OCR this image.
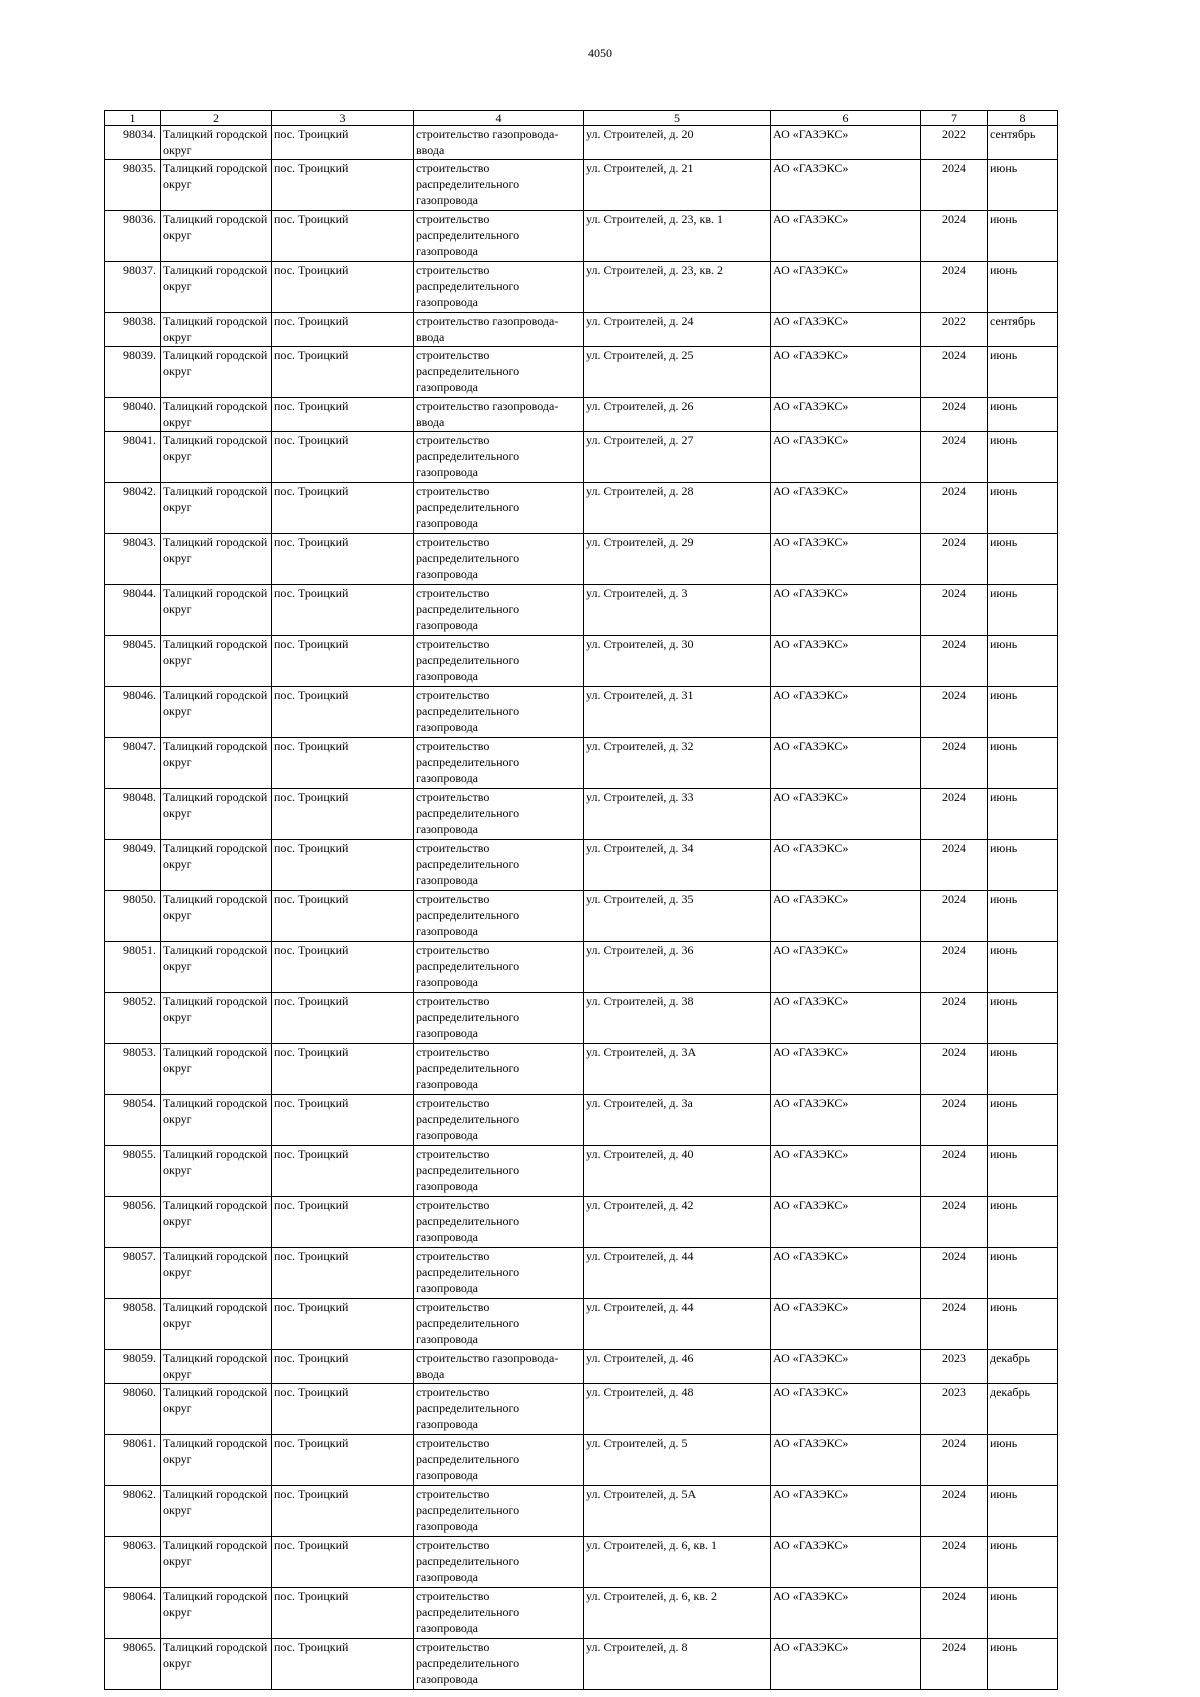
4050
1	2	3	4	5	6	7	8
98034.	Талицкий городской округ	пос. Троицкий	строительство газопровода-ввода	ул. Строителей, д. 20	АО «ГАЗЭКС»	2022	сентябрь
98035.	Талицкий городской округ	пос. Троицкий	строительство распределительного газопровода	ул. Строителей, д. 21	АО «ГАЗЭКС»	2024	июнь
98036.	Талицкий городской округ	пос. Троицкий	строительство распределительного газопровода	ул. Строителей, д. 23, кв. 1	АО «ГАЗЭКС»	2024	июнь
98037.	Талицкий городской округ	пос. Троицкий	строительство распределительного газопровода	ул. Строителей, д. 23, кв. 2	АО «ГАЗЭКС»	2024	июнь
98038.	Талицкий городской округ	пос. Троицкий	строительство газопровода-ввода	ул. Строителей, д. 24	АО «ГАЗЭКС»	2022	сентябрь
98039.	Талицкий городской округ	пос. Троицкий	строительство распределительного газопровода	ул. Строителей, д. 25	АО «ГАЗЭКС»	2024	июнь
98040.	Талицкий городской округ	пос. Троицкий	строительство газопровода-ввода	ул. Строителей, д. 26	АО «ГАЗЭКС»	2024	июнь
98041.	Талицкий городской округ	пос. Троицкий	строительство распределительного газопровода	ул. Строителей, д. 27	АО «ГАЗЭКС»	2024	июнь
98042.	Талицкий городской округ	пос. Троицкий	строительство распределительного газопровода	ул. Строителей, д. 28	АО «ГАЗЭКС»	2024	июнь
98043.	Талицкий городской округ	пос. Троицкий	строительство распределительного газопровода	ул. Строителей, д. 29	АО «ГАЗЭКС»	2024	июнь
98044.	Талицкий городской округ	пос. Троицкий	строительство распределительного газопровода	ул. Строителей, д. 3	АО «ГАЗЭКС»	2024	июнь
98045.	Талицкий городской округ	пос. Троицкий	строительство распределительного газопровода	ул. Строителей, д. 30	АО «ГАЗЭКС»	2024	июнь
98046.	Талицкий городской округ	пос. Троицкий	строительство распределительного газопровода	ул. Строителей, д. 31	АО «ГАЗЭКС»	2024	июнь
98047.	Талицкий городской округ	пос. Троицкий	строительство распределительного газопровода	ул. Строителей, д. 32	АО «ГАЗЭКС»	2024	июнь
98048.	Талицкий городской округ	пос. Троицкий	строительство распределительного газопровода	ул. Строителей, д. 33	АО «ГАЗЭКС»	2024	июнь
98049.	Талицкий городской округ	пос. Троицкий	строительство распределительного газопровода	ул. Строителей, д. 34	АО «ГАЗЭКС»	2024	июнь
98050.	Талицкий городской округ	пос. Троицкий	строительство распределительного газопровода	ул. Строителей, д. 35	АО «ГАЗЭКС»	2024	июнь
98051.	Талицкий городской округ	пос. Троицкий	строительство распределительного газопровода	ул. Строителей, д. 36	АО «ГАЗЭКС»	2024	июнь
98052.	Талицкий городской округ	пос. Троицкий	строительство распределительного газопровода	ул. Строителей, д. 38	АО «ГАЗЭКС»	2024	июнь
98053.	Талицкий городской округ	пос. Троицкий	строительство распределительного газопровода	ул. Строителей, д. 3А	АО «ГАЗЭКС»	2024	июнь
98054.	Талицкий городской округ	пос. Троицкий	строительство распределительного газопровода	ул. Строителей, д. 3а	АО «ГАЗЭКС»	2024	июнь
98055.	Талицкий городской округ	пос. Троицкий	строительство распределительного газопровода	ул. Строителей, д. 40	АО «ГАЗЭКС»	2024	июнь
98056.	Талицкий городской округ	пос. Троицкий	строительство распределительного газопровода	ул. Строителей, д. 42	АО «ГАЗЭКС»	2024	июнь
98057.	Талицкий городской округ	пос. Троицкий	строительство распределительного газопровода	ул. Строителей, д. 44	АО «ГАЗЭКС»	2024	июнь
98058.	Талицкий городской округ	пос. Троицкий	строительство распределительного газопровода	ул. Строителей, д. 44	АО «ГАЗЭКС»	2024	июнь
98059.	Талицкий городской округ	пос. Троицкий	строительство газопровода-ввода	ул. Строителей, д. 46	АО «ГАЗЭКС»	2023	декабрь
98060.	Талицкий городской округ	пос. Троицкий	строительство распределительного газопровода	ул. Строителей, д. 48	АО «ГАЗЭКС»	2023	декабрь
98061.	Талицкий городской округ	пос. Троицкий	строительство распределительного газопровода	ул. Строителей, д. 5	АО «ГАЗЭКС»	2024	июнь
98062.	Талицкий городской округ	пос. Троицкий	строительство распределительного газопровода	ул. Строителей, д. 5А	АО «ГАЗЭКС»	2024	июнь
98063.	Талицкий городской округ	пос. Троицкий	строительство распределительного газопровода	ул. Строителей, д. 6, кв. 1	АО «ГАЗЭКС»	2024	июнь
98064.	Талицкий городской округ	пос. Троицкий	строительство распределительного газопровода	ул. Строителей, д. 6, кв. 2	АО «ГАЗЭКС»	2024	июнь
98065.	Талицкий городской округ	пос. Троицкий	строительство распределительного газопровода	ул. Строителей, д. 8	АО «ГАЗЭКС»	2024	июнь
